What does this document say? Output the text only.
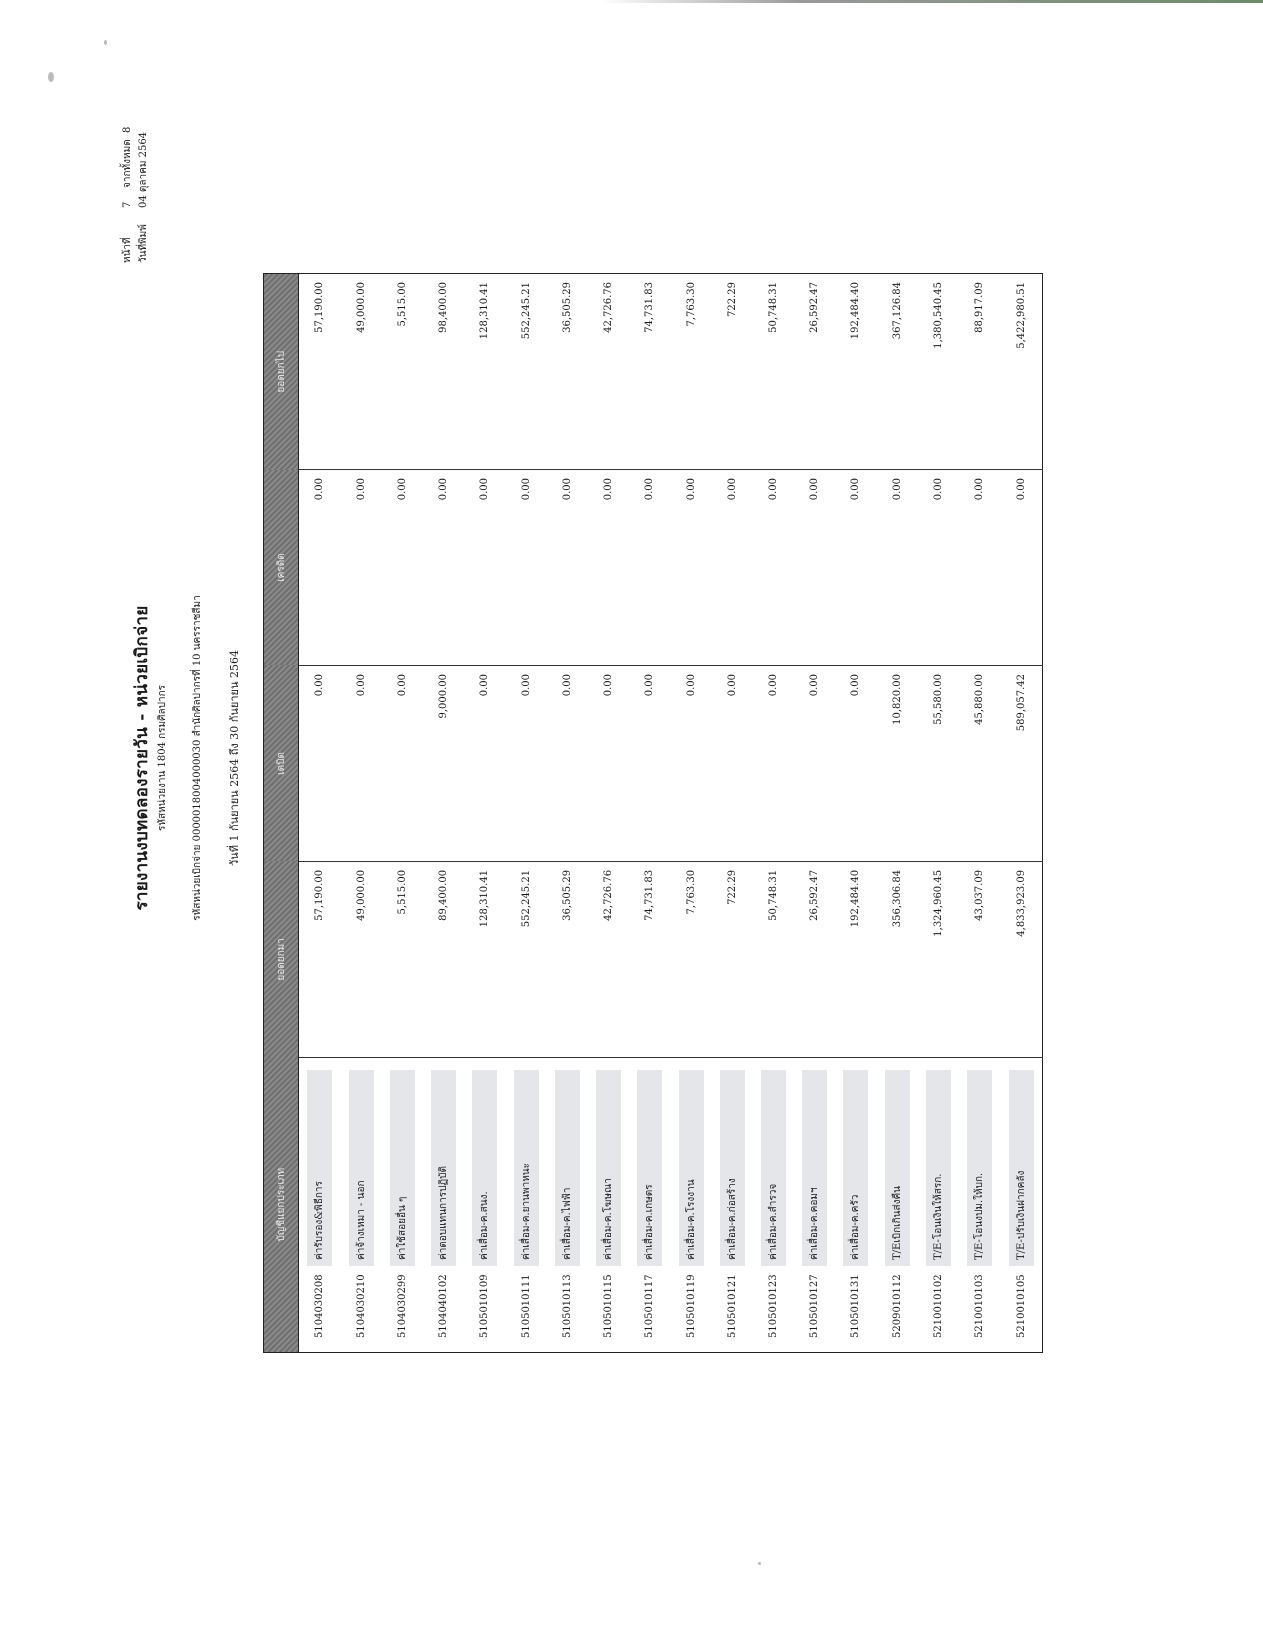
รายงานงบทดลองรายวัน - หน่วยเบิกจ่าย รหัสหน่วยงาน 1804 กรมศิลปากร รหัสหน่วยเบิกจ่าย 0000018004000030 สำนักศิลปากรที่ 10 นครราชสีมา วันที่ 1 กันยายน 2564 ถึง 30 กันยายน 2564
หน้าที่
7
จากทั้งหมด
8
วันที่พิมพ์
04 ตุลาคม 2564
บัญชีแยกประเภท	ยอดยกมา	เดบิต	เครดิต	ยอดยกไป

5104030208
ค่ารับรอง&พิธีการ	57,190.00	0.00	0.00	57,190.00

5104030210
ค่าจ้างเหมา - นอก	49,000.00	0.00	0.00	49,000.00

5104030299
ค่าใช้สอยอื่น ๆ	5,515.00	0.00	0.00	5,515.00

5104040102
ค่าตอบแทนการปฏิบัติ	89,400.00	9,000.00	0.00	98,400.00

5105010109
ค่าเสื่อม-ค.สนง.	128,310.41	0.00	0.00	128,310.41

5105010111
ค่าเสื่อม-ค.ยานพาหนะ	552,245.21	0.00	0.00	552,245.21

5105010113
ค่าเสื่อม-ค.ไฟฟ้า	36,505.29	0.00	0.00	36,505.29

5105010115
ค่าเสื่อม-ค.โฆษณา	42,726.76	0.00	0.00	42,726.76

5105010117
ค่าเสื่อม-ค.เกษตร	74,731.83	0.00	0.00	74,731.83

5105010119
ค่าเสื่อม-ค.โรงงาน	7,763.30	0.00	0.00	7,763.30

5105010121
ค่าเสื่อม-ค.ก่อสร้าง	722.29	0.00	0.00	722.29

5105010123
ค่าเสื่อม-ค.สำรวจ	50,748.31	0.00	0.00	50,748.31

5105010127
ค่าเสื่อม-ค.คอมฯ	26,592.47	0.00	0.00	26,592.47

5105010131
ค่าเสื่อม-ค.ครัว	192,484.40	0.00	0.00	192,484.40

5209010112
T/Eเบิกเกินส่งคืน	356,306.84	10,820.00	0.00	367,126.84

5210010102
T/E-โอนเงินให้สรก.	1,324,960.45	55,580.00	0.00	1,380,540.45

5210010103
T/E-โอนงปม.ให้บก.	43,037.09	45,880.00	0.00	88,917.09

5210010105
T/E-ปรับเงินฝากคลัง	4,833,923.09	589,057.42	0.00	5,422,980.51
